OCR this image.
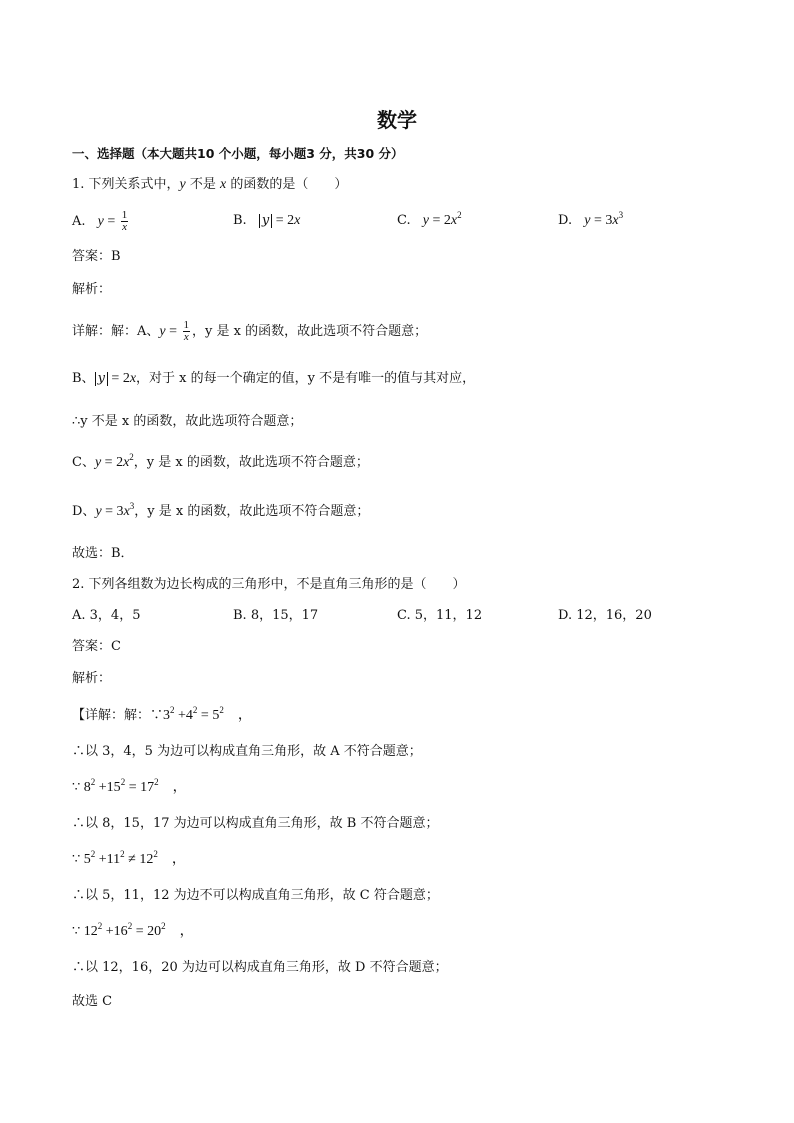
数学
一、选择题（本大题共10 个小题，每小题3 分，共30 分）
1. 下列关系式中，y 不是 x 的函数的是（　　）
A. $y = \frac{1}{x}$	B. y = 2x	C. $y = 2x^2$	D. $y = 3x^3$
答案：B
解析：
详解：解：A、$y = \frac{1}{x}$ ，y 是 x 的函数，故此选项不符合题意；
B、 y = 2x，对于 x 的每一个确定的值，y 不是有唯一的值与其对应，
∴y 不是 x 的函数，故此选项符合题意；
C、$y = 2x^2$，y 是 x 的函数，故此选项不符合题意；
D、$y = 3x^3$，y 是 x 的函数，故此选项不符合题意；
故选：B．
2. 下列各组数为边长构成的三角形中，不是直角三角形的是（　　）
A. 3，4，5	B. 8，15，17	C. 5，11，12	D. 12，16，20
答案：C
解析：
【详解：解：$\because 3^2 +4^2 = 5^2$　，
∴以 3，4，5 为边可以构成直角三角形，故 A 不符合题意；
∵ $8^2 +15^2 = 17^2$　，
∴以 8，15，17 为边可以构成直角三角形，故 B 不符合题意；
∵ $5^2 +11^2 \ne 12^2$　，
∴以 5，11，12 为边不可以构成直角三角形，故 C 符合题意；
∵ $12^2 +16^2 = 20^2$　，
∴以 12，16，20 为边可以构成直角三角形，故 D 不符合题意；
故选 C
